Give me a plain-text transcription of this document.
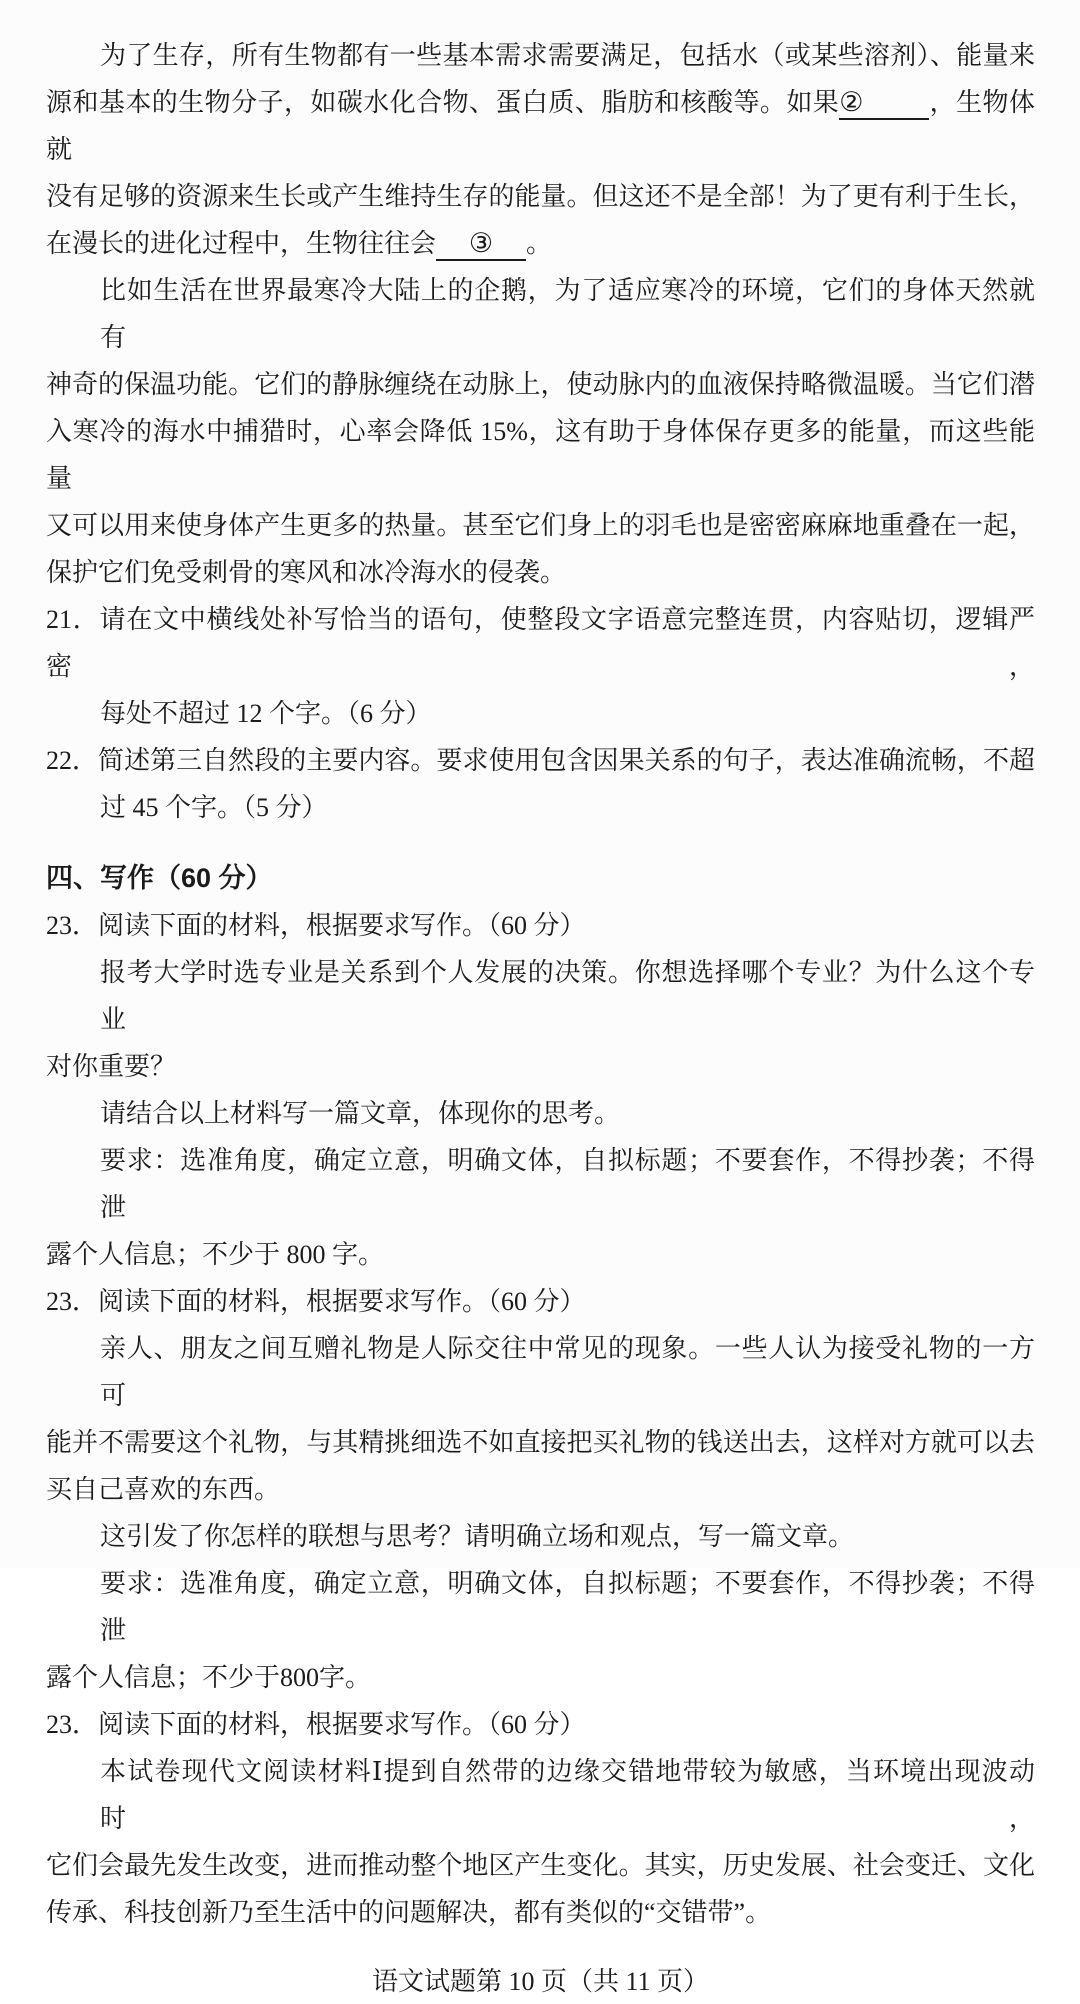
为了生存，所有生物都有一些基本需求需要满足，包括水（或某些溶剂）、能量来
源和基本的生物分子，如碳水化合物、蛋白质、脂肪和核酸等。如果②	，生物体就
没有足够的资源来生长或产生维持生存的能量。但这还不是全部！为了更有利于生长，
在漫长的进化过程中，生物往往会 ③ 。
比如生活在世界最寒冷大陆上的企鹅，为了适应寒冷的环境，它们的身体天然就有
神奇的保温功能。它们的静脉缠绕在动脉上，使动脉内的血液保持略微温暖。当它们潜
入寒冷的海水中捕猎时，心率会降低 15%，这有助于身体保存更多的能量，而这些能量
又可以用来使身体产生更多的热量。甚至它们身上的羽毛也是密密麻麻地重叠在一起，
保护它们免受刺骨的寒风和冰冷海水的侵袭。
21．请在文中横线处补写恰当的语句，使整段文字语意完整连贯，内容贴切，逻辑严密，
每处不超过 12 个字。（6 分）
22．简述第三自然段的主要内容。要求使用包含因果关系的句子，表达准确流畅，不超
过 45 个字。（5 分）
四、写作（60 分）
23．阅读下面的材料，根据要求写作。（60 分）
报考大学时选专业是关系到个人发展的决策。你想选择哪个专业？为什么这个专业
对你重要？
请结合以上材料写一篇文章，体现你的思考。
要求：选准角度，确定立意，明确文体，自拟标题；不要套作，不得抄袭；不得泄
露个人信息；不少于 800 字。
23．阅读下面的材料，根据要求写作。（60 分）
亲人、朋友之间互赠礼物是人际交往中常见的现象。一些人认为接受礼物的一方可
能并不需要这个礼物，与其精挑细选不如直接把买礼物的钱送出去，这样对方就可以去
买自己喜欢的东西。
这引发了你怎样的联想与思考？请明确立场和观点，写一篇文章。
要求：选准角度，确定立意，明确文体，自拟标题；不要套作，不得抄袭；不得泄
露个人信息；不少于800字。
23．阅读下面的材料，根据要求写作。（60 分）
本试卷现代文阅读材料Ⅰ提到自然带的边缘交错地带较为敏感，当环境出现波动时，
它们会最先发生改变，进而推动整个地区产生变化。其实，历史发展、社会变迁、文化
传承、科技创新乃至生活中的问题解决，都有类似的“交错带”。
语文试题第 10 页（共 11 页）
